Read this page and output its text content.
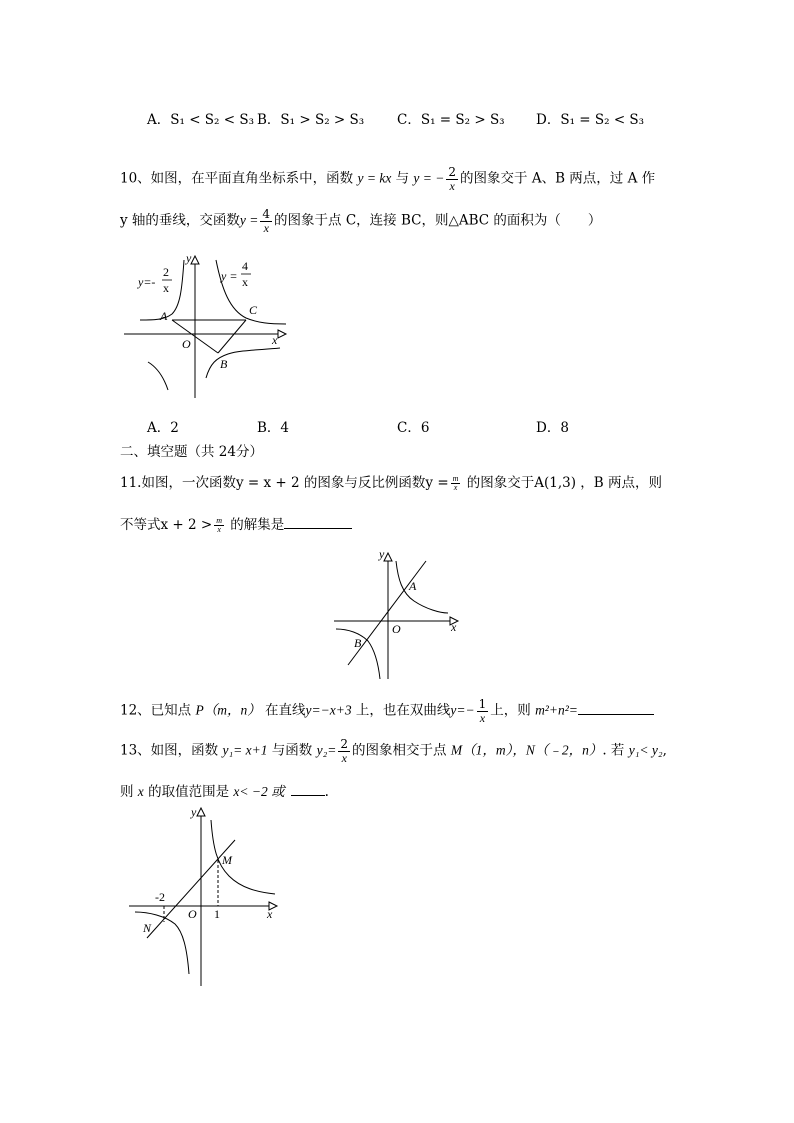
A．S₁ < S₂ < S₃ B．S₁ > S₂ > S₃ C．S₁ = S₂ > S₃ D．S₁ = S₂ < S₃
10、如图，在平面直角坐标系中，函数 y = kx 与 y = − $\frac{2}{x}$ 的图象交于 A、B 两点，过 A 作
y 轴的垂线，交函数$y = \frac{4}{x}$ 的图象于点 C，连接 BC，则△ABC 的面积为（　　）
y
x
O
A
B
C
y=-
2
x
y =
4
x
A．2	B．4	C．6	D．8
二、填空题（共 24分）
11.如图，一次函数y = x + 2 的图象与反比例函数$y = \frac{m}{x}$ 的图象交于A(1,3) ，B 两点，则
不等式$x + 2 > \frac{m}{x}$ 的解集是
y
x
O
A
B
12、已知点 P（m，n） 在直线y=−x+3 上，也在双曲线$y=- \frac{1}{x}$ 上，则 m²+n²=
13、如图，函数 y₁= x+1 与函数 $y_2= \frac{2}{x}$ 的图象相交于点 M（1，m），N（﹣2，n）. 若 y₁< y₂,
则 x 的取值范围是 x< −2 或	.
y
x
O
M
N
-2
1
